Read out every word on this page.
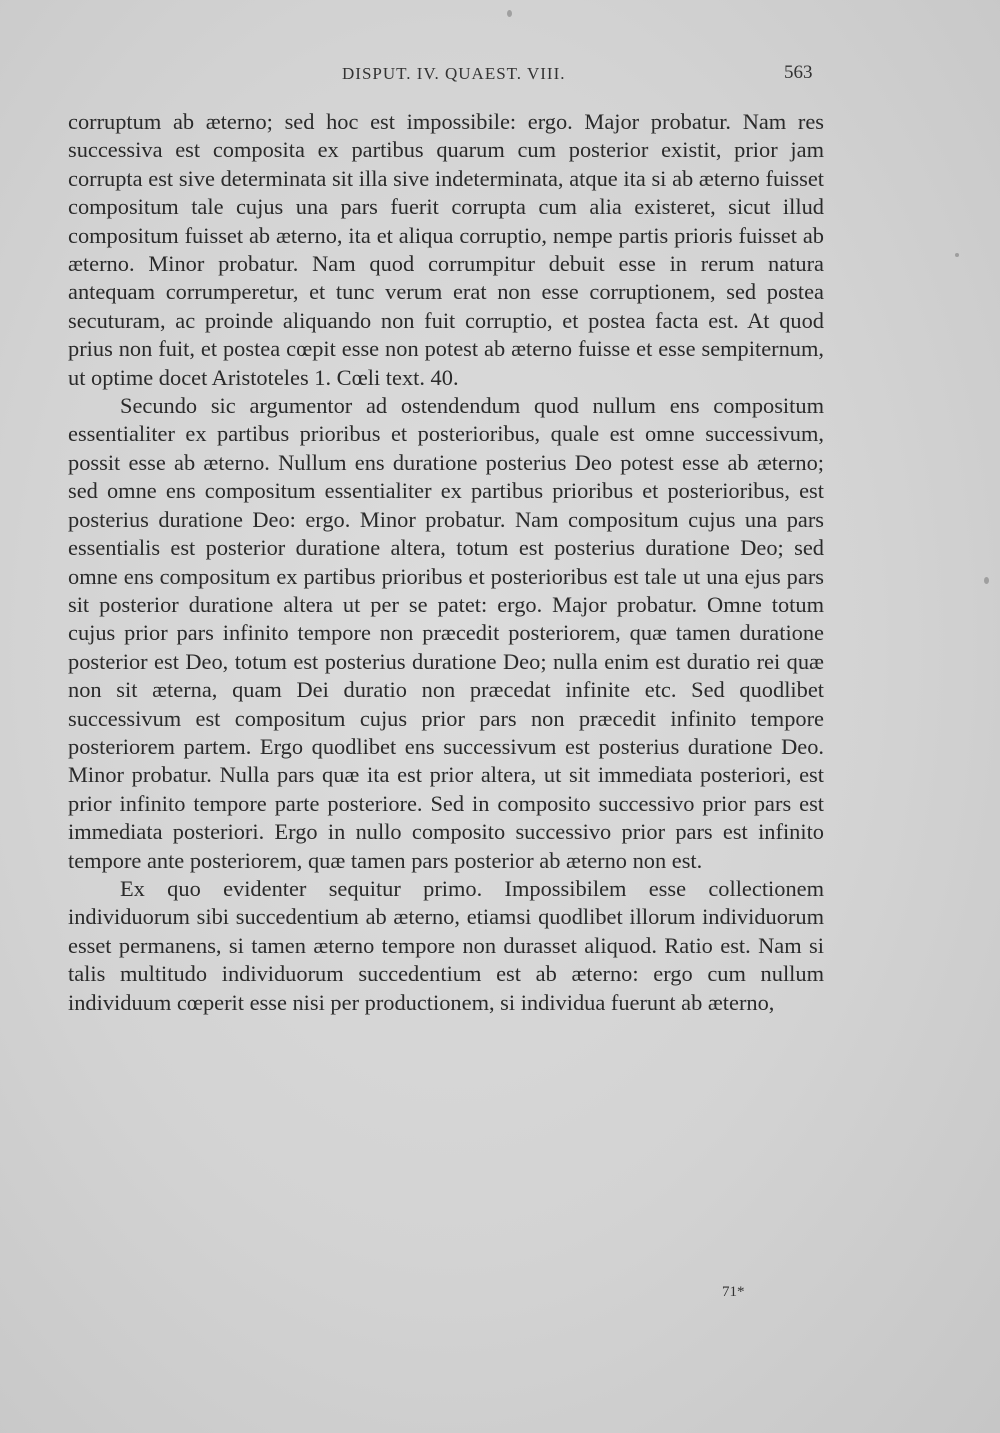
DISPUT. IV. QUAEST. VIII.	563

corruptum ab æterno; sed hoc est impossibile: ergo. Major probatur. Nam res successiva est composita ex partibus quarum cum posterior existit, prior jam corrupta est sive determinata sit illa sive indeterminata, atque ita si ab æterno fuisset compositum tale cujus una pars fuerit corrupta cum alia existeret, sicut illud compositum fuisset ab æterno, ita et aliqua corruptio, nempe partis prioris fuisset ab æterno. Minor probatur. Nam quod corrumpitur debuit esse in rerum natura antequam corrumperetur, et tunc verum erat non esse corruptionem, sed postea secuturam, ac proinde aliquando non fuit corruptio, et postea facta est. At quod prius non fuit, et postea cœpit esse non potest ab æterno fuisse et esse sempiternum, ut optime docet Aristoteles 1. Cœli text. 40.

Secundo sic argumentor ad ostendendum quod nullum ens compositum essentialiter ex partibus prioribus et posterioribus, quale est omne successivum, possit esse ab æterno. Nullum ens duratione posterius Deo potest esse ab æterno; sed omne ens compositum essentialiter ex partibus prioribus et posterioribus, est posterius duratione Deo: ergo. Minor probatur. Nam compositum cujus una pars essentialis est posterior duratione altera, totum est posterius duratione Deo; sed omne ens compositum ex partibus prioribus et posterioribus est tale ut una ejus pars sit posterior duratione altera ut per se patet: ergo. Major probatur. Omne totum cujus prior pars infinito tempore non præcedit posteriorem, quæ tamen duratione posterior est Deo, totum est posterius duratione Deo; nulla enim est duratio rei quæ non sit æterna, quam Dei duratio non præcedat infinite etc. Sed quodlibet successivum est compositum cujus prior pars non præcedit infinito tempore posteriorem partem. Ergo quodlibet ens successivum est posterius duratione Deo. Minor probatur. Nulla pars quæ ita est prior altera, ut sit immediata posteriori, est prior infinito tempore parte posteriore. Sed in composito successivo prior pars est immediata posteriori. Ergo in nullo composito successivo prior pars est infinito tempore ante posteriorem, quæ tamen pars posterior ab æterno non est.

Ex quo evidenter sequitur primo. Impossibilem esse collectionem individuorum sibi succedentium ab æterno, etiamsi quodlibet illorum individuorum esset permanens, si tamen æterno tempore non durasset aliquod. Ratio est. Nam si talis multitudo individuorum succedentium est ab æterno: ergo cum nullum individuum cœperit esse nisi per productionem, si individua fuerunt ab æterno,

71*
